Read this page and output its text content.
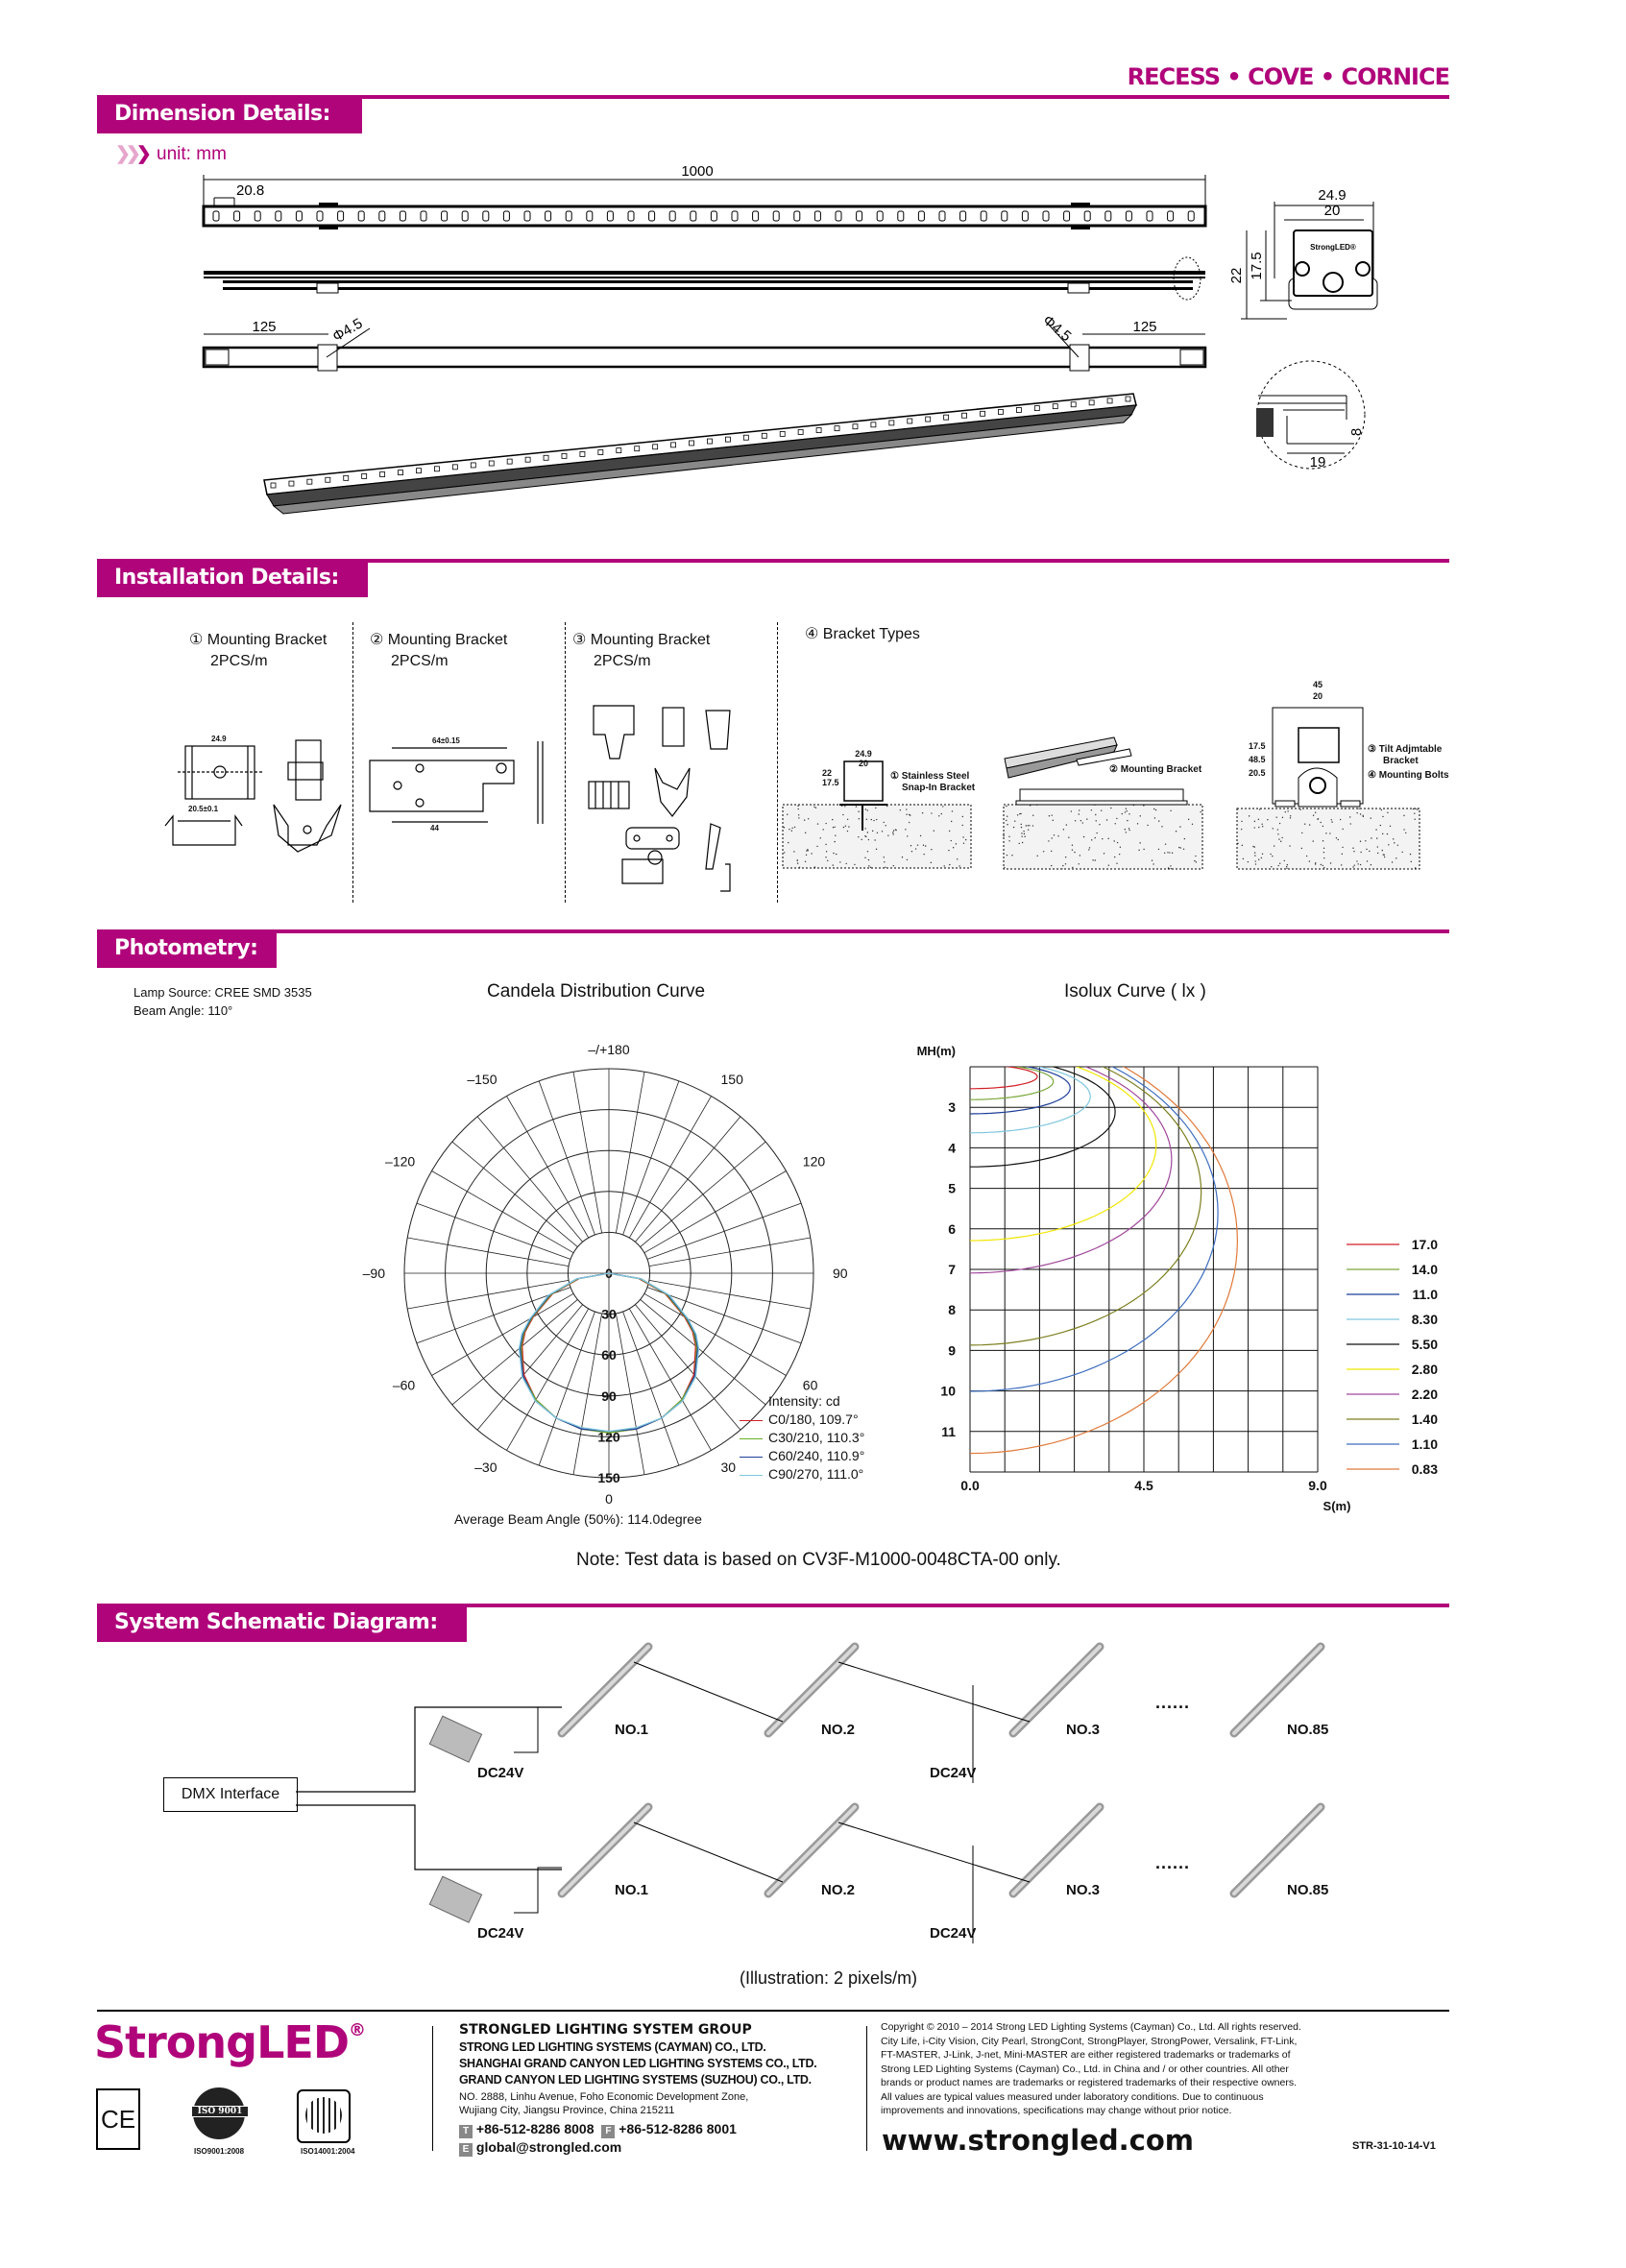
RECESS • COVE • CORNICE
Dimension Details:
❯❯❯ unit: mm
1000
20.8
125	125
Φ4.5	Φ4.5
24.9
20
22 17.5
StrongLED®
8
19
Installation Details:
① Mounting Bracket
2PCS/m
② Mounting Bracket
2PCS/m
③ Mounting Bracket
2PCS/m
④ Bracket Types
24.9
20
22
17.5
45
20
17.5
48.5
20.5
① Stainless Steel
Snap-In Bracket
② Mounting Bracket
③ Tilt Adjmtable
Bracket
④ Mounting Bolts
24.9
20.5±0.1
64±0.15
44
Photometry:
Lamp Source: CREE SMD 3535
Beam Angle: 110°
Candela Distribution Curve	Isolux Curve ( lx )
–/+180
–150	150
–120	120
–90	90
–60	60
–30	30
0
0
30
60
90
120
150
Intensity: cd
C0/180, 109.7°
C30/210, 110.3°
C60/240, 110.9°
C90/270, 111.0°
Average Beam Angle (50%): 114.0degree
MH(m)
3
4
5
6
7
8
9
10
11
0.0	4.5	9.0
S(m)
17.0
14.0
11.0
8.30
5.50
2.80
2.20
1.40
1.10
0.83
Note: Test data is based on CV3F-M1000-0048CTA-00 only.
System Schematic Diagram:
DMX Interface
NO.1	NO.2	NO.3	NO.85
DC24V	DC24V
......
NO.1	NO.2	NO.3	NO.85
DC24V	DC24V
......
(Illustration: 2 pixels/m)
StrongLED®
CE	ISO 9001
ISO9001:2008	ISO14001:2004
STRONGLED LIGHTING SYSTEM GROUP
STRONG LED LIGHTING SYSTEMS (CAYMAN) CO., LTD.
SHANGHAI GRAND CANYON LED LIGHTING SYSTEMS CO., LTD.
GRAND CANYON LED LIGHTING SYSTEMS (SUZHOU) CO., LTD.
NO. 2888, Linhu Avenue, Foho Economic Development Zone,
Wujiang City, Jiangsu Province, China 215211
T +86-512-8286 8008 F +86-512-8286 8001
E global@strongled.com
Copyright © 2010 – 2014 Strong LED Lighting Systems (Cayman) Co., Ltd. All rights reserved.
City Life, i-City Vision, City Pearl, StrongCont, StrongPlayer, StrongPower, Versalink, FT-Link,
FT-MASTER, J-Link, J-net, Mini-MASTER are either registered trademarks or trademarks of
Strong LED Lighting Systems (Cayman) Co., Ltd. in China and / or other countries. All other
brands or product names are trademarks or registered trademarks of their respective owners.
All values are typical values measured under laboratory conditions. Due to continuous
improvements and innovations, specifications may change without prior notice.
www.strongled.com	STR-31-10-14-V1
